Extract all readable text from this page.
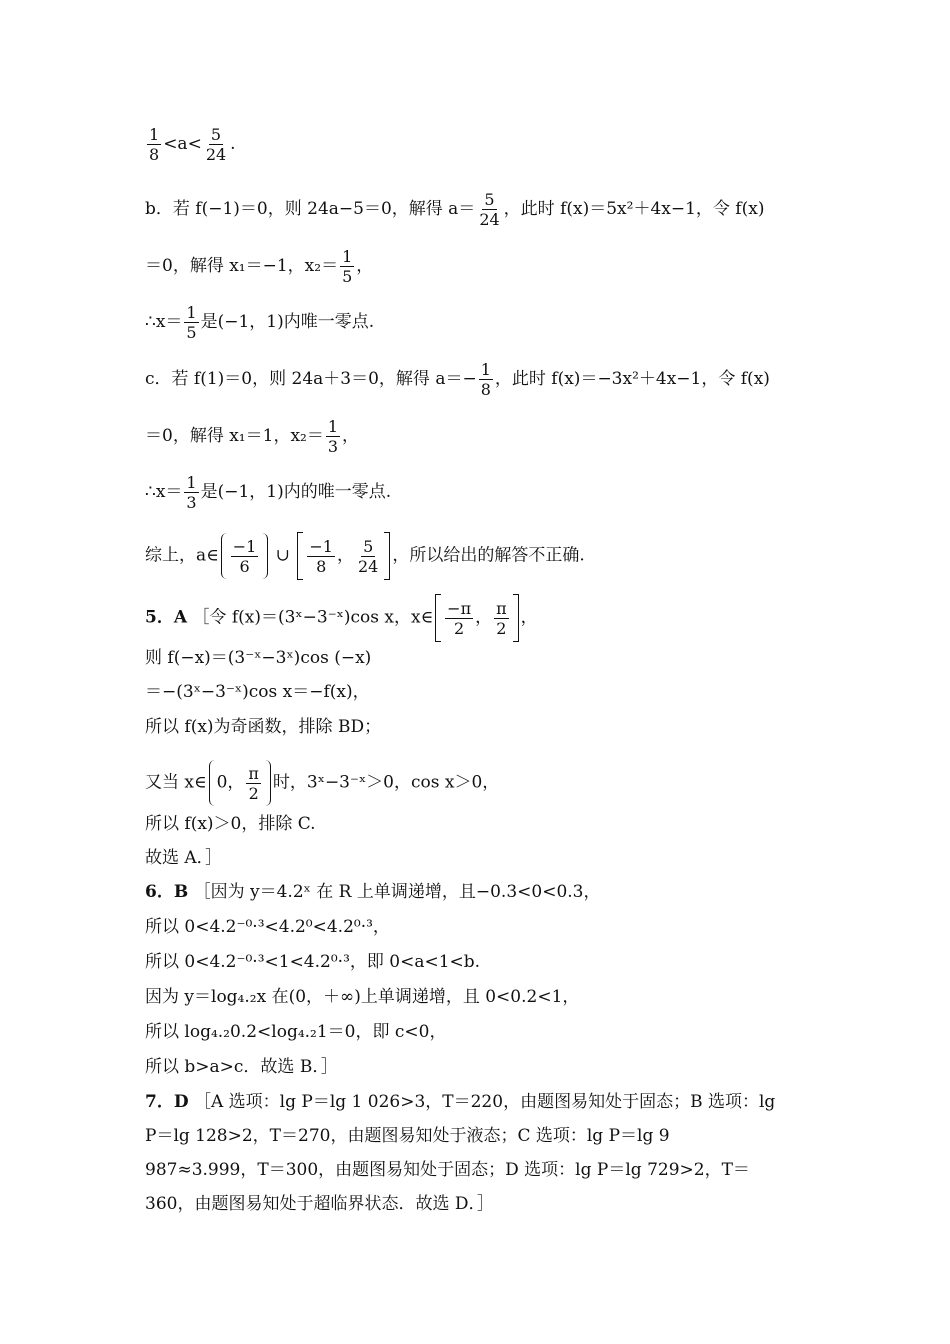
$\frac{1}{8} <a< \frac{5}{24}$ .
b．若 f(−1)＝0，则 24a−5＝0，解得 $a= \frac{5}{24}$ ，此时 f(x)＝5x²＋4x−1，令 f(x)
＝0，解得 x₁＝−1，$x_2= \frac{1}{5}$ ，
∴x＝ $\frac{1}{5}$ 是(−1，1)内唯一零点.
c．若 f(1)＝0，则 24a＋3＝0，解得 $a=- \frac{1}{8}$ ，此时 f(x)＝−3x²＋4x−1，令 f(x)
＝0，解得 x₁＝1，$x_2= \frac{1}{3}$ ，
∴x＝ $\frac{1}{3}$ 是(−1，1)内的唯一零点.
综上，a∈ $\frac{-1}{6}$ ∪ $\frac{-1}{8}$ ， $\frac{5}{24}$ ，所以给出的解答不正确.
5．A ［令 f(x)＝(3ˣ−3⁻ˣ)cos x，x∈ $\frac{-\pi}{2}$ ， $\frac{\pi}{2}$ ，
则 f(−x)＝(3⁻ˣ−3ˣ)cos (−x)
＝−(3ˣ−3⁻ˣ)cos x＝−f(x)，
所以 f(x)为奇函数，排除 BD；
又当 x∈ 0， $\frac{\pi}{2}$ 时，3ˣ−3⁻ˣ＞0，cos x＞0，
所以 f(x)＞0，排除 C.
故选 A．］
6．B ［因为 y＝4.2ˣ 在 R 上单调递增，且−0.3<0<0.3，
所以 0<4.2⁻⁰·³<4.2⁰<4.2⁰·³，
所以 0<4.2⁻⁰·³<1<4.2⁰·³，即 0<a<1<b.
因为 y＝log₄.₂x 在(0，＋∞)上单调递增，且 0<0.2<1，
所以 log₄.₂0.2<log₄.₂1＝0，即 c<0，
所以 b>a>c．故选 B．］
7．D ［A 选项：lg P＝lg 1 026>3，T＝220，由题图易知处于固态；B 选项：lg
P＝lg 128>2，T＝270，由题图易知处于液态；C 选项：lg P＝lg 9
987≈3.999，T＝300，由题图易知处于固态；D 选项：lg P＝lg 729>2，T＝
360，由题图易知处于超临界状态．故选 D．］
